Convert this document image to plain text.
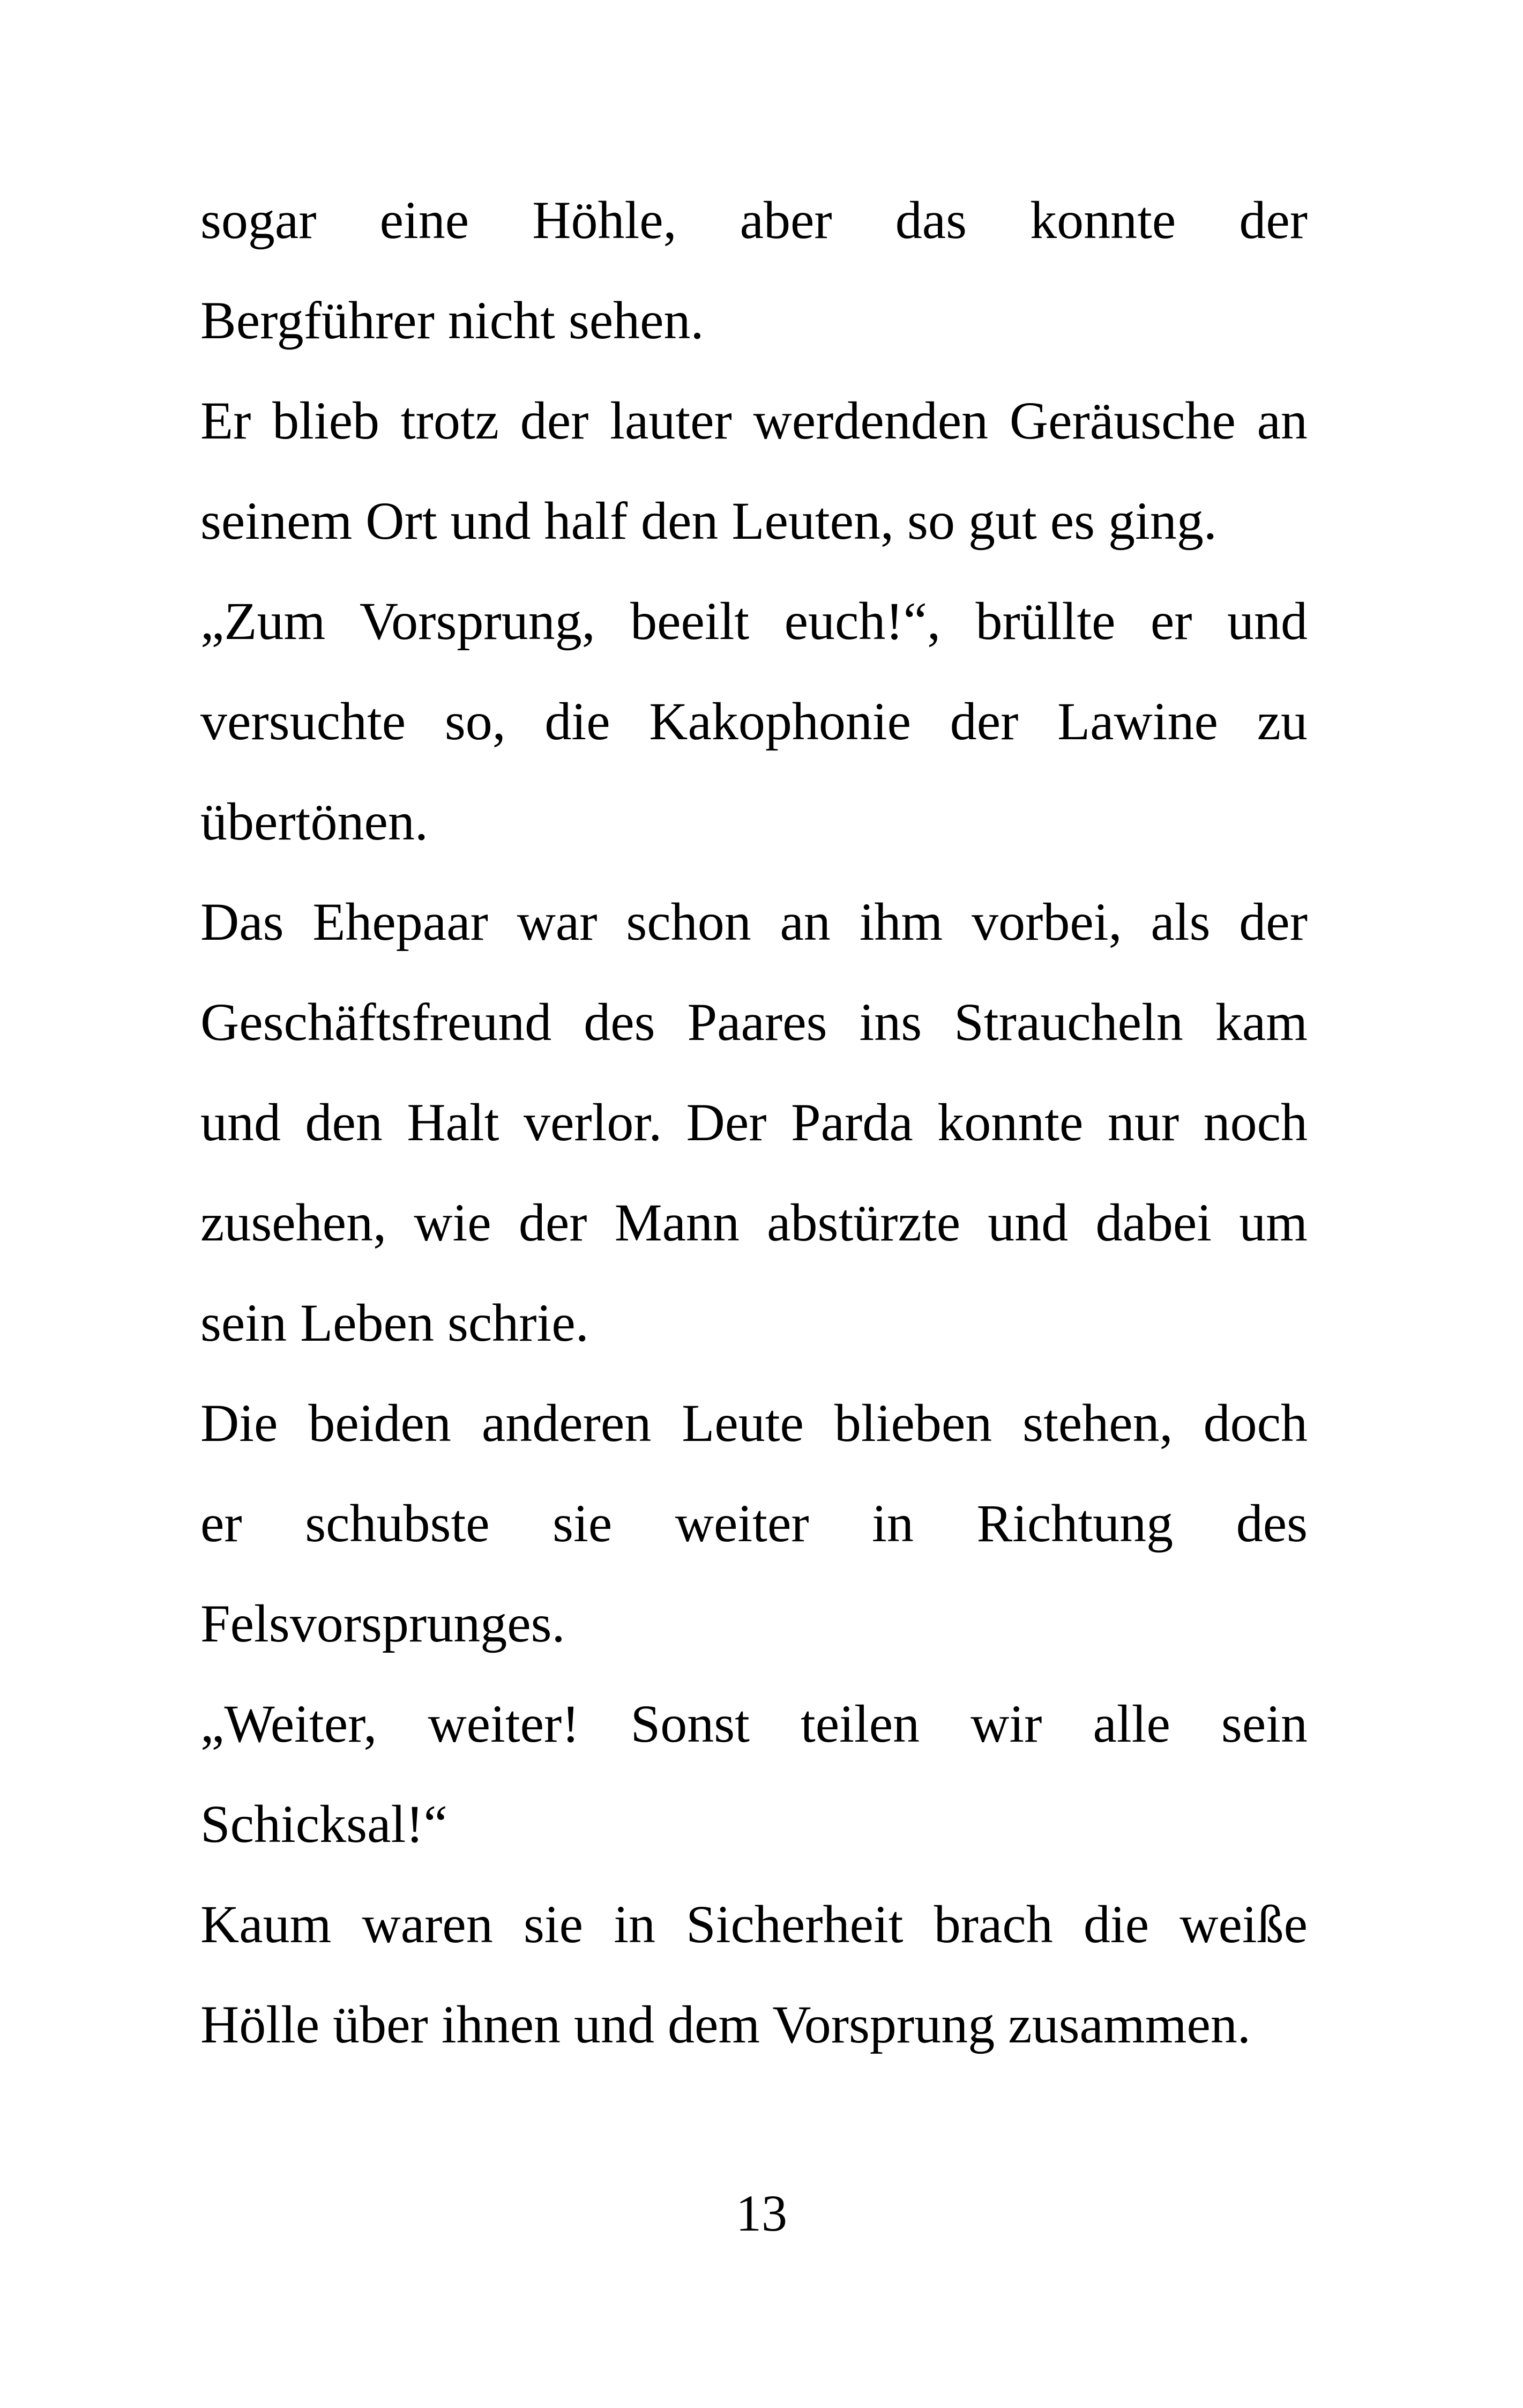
sogar eine Höhle, aber das konnte der
Bergführer nicht sehen.
Er blieb trotz der lauter werdenden Geräusche an
seinem Ort und half den Leuten, so gut es ging.
„Zum Vorsprung, beeilt euch!“, brüllte er und
versuchte so, die Kakophonie der Lawine zu
übertönen.
Das Ehepaar war schon an ihm vorbei, als der
Geschäftsfreund des Paares ins Straucheln kam
und den Halt verlor. Der Parda konnte nur noch
zusehen, wie der Mann abstürzte und dabei um
sein Leben schrie.
Die beiden anderen Leute blieben stehen, doch
er schubste sie weiter in Richtung des
Felsvorsprunges.
„Weiter, weiter! Sonst teilen wir alle sein
Schicksal!“
Kaum waren sie in Sicherheit brach die weiße
Hölle über ihnen und dem Vorsprung zusammen.
13
